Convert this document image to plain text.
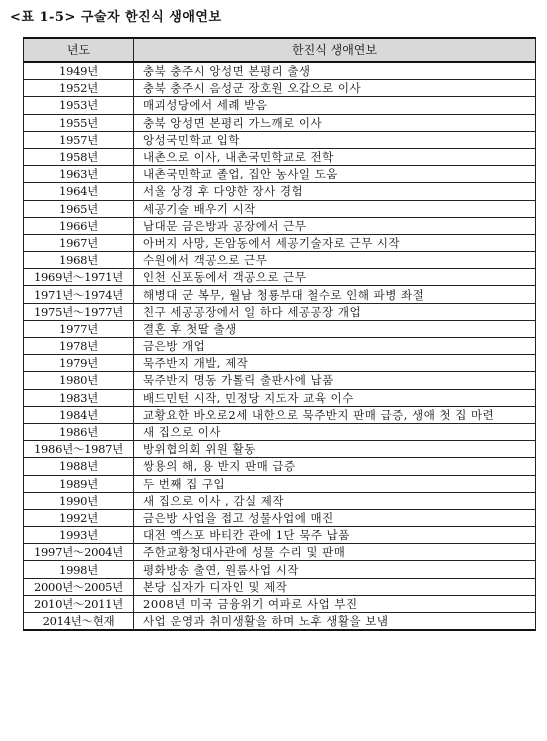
<표 1-5> 구술자 한진식 생애연보
년도	한진식 생애연보
1949년	충북 충주시 앙성면 본평리 출생
1952년	충북 충주시 음성군 장호원 오갑으로 이사
1953년	매괴성당에서 세례 받음
1955년	충북 앙성면 본평리 가느깨로 이사
1957년	앙성국민학교 입학
1958년	내촌으로 이사, 내촌국민학교로 전학
1963년	내촌국민학교 졸업, 집안 농사일 도움
1964년	서울 상경 후 다양한 장사 경험
1965년	세공기술 배우기 시작
1966년	남대문 금은방과 공장에서 근무
1967년	아버지 사망, 돈암동에서 세공기술자로 근무 시작
1968년	수원에서 객공으로 근무
1969년～1971년	인천 신포동에서 객공으로 근무
1971년～1974년	해병대 군 복무, 월남 청룡부대 철수로 인해 파병 좌절
1975년～1977년	친구 세공공장에서 일 하다 세공공장 개업
1977년	결혼 후 첫딸 출생
1978년	금은방 개업
1979년	묵주반지 개발, 제작
1980년	묵주반지 명동 가톨릭 출판사에 납품
1983년	배드민턴 시작, 민정당 지도자 교육 이수
1984년	교황요한 바오로2세 내한으로 묵주반지 판매 급증, 생애 첫 집 마련
1986년	새 집으로 이사
1986년～1987년	방위협의회 위원 활동
1988년	쌍용의 해, 용 반지 판매 급증
1989년	두 번째 집 구입
1990년	새 집으로 이사 , 감실 제작
1992년	금은방 사업을 접고 성물사업에 매진
1993년	대전 엑스포 바티칸 관에 1단 묵주 납품
1997년～2004년	주한교황청대사관에 성물 수리 및 판매
1998년	평화방송 출연, 원룸사업 시작
2000년～2005년	본당 십자가 디자인 및 제작
2010년～2011년	2008년 미국 금융위기 여파로 사업 부진
2014년～현재	사업 운영과 취미생활을 하며 노후 생활을 보냄
